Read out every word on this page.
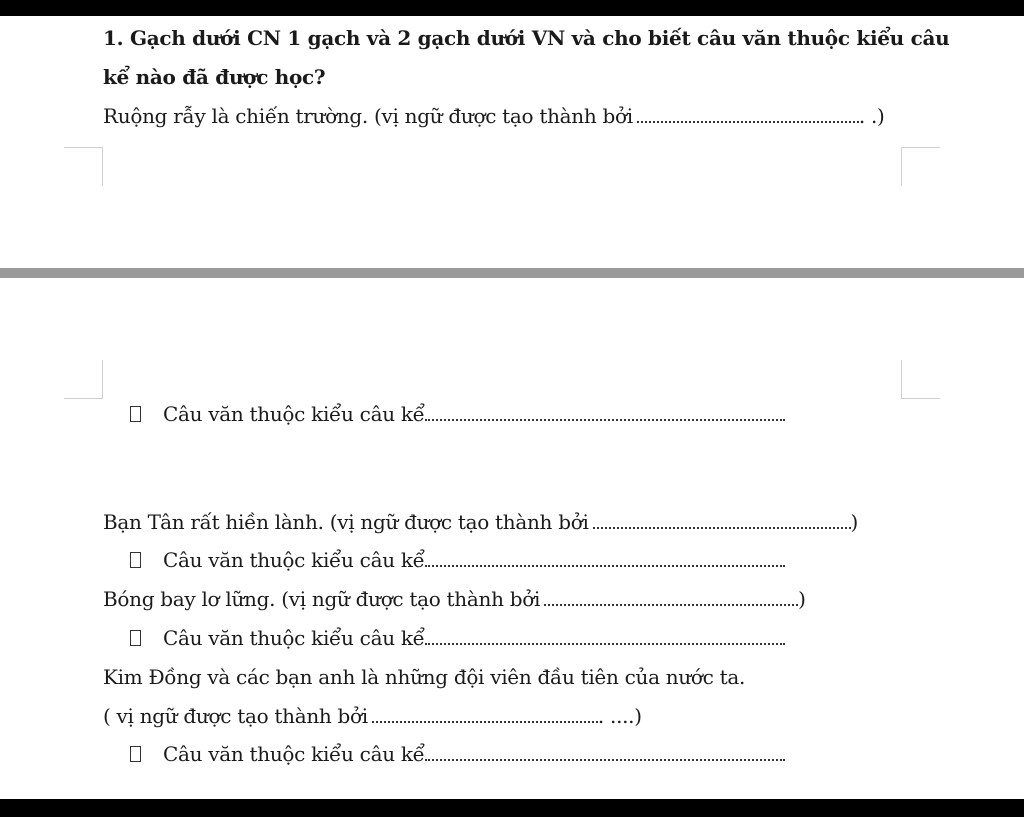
1. Gạch dưới CN 1 gạch và 2 gạch dưới VN và cho biết câu văn thuộc kiểu câu
kể nào đã được học?
Ruộng rẫy là chiến trường. (vị ngữ được tạo thành bởi	. .)
Câu văn thuộc kiểu câu kể
Bạn Tân rất hiền lành. (vị ngữ được tạo thành bởi	)
Câu văn thuộc kiểu câu kể
Bóng bay lơ lững. (vị ngữ được tạo thành bởi	)
Câu văn thuộc kiểu câu kể
Kim Đồng và các bạn anh là những đội viên đầu tiên của nước ta.
( vị ngữ được tạo thành bởi	. ....)
Câu văn thuộc kiểu câu kể
